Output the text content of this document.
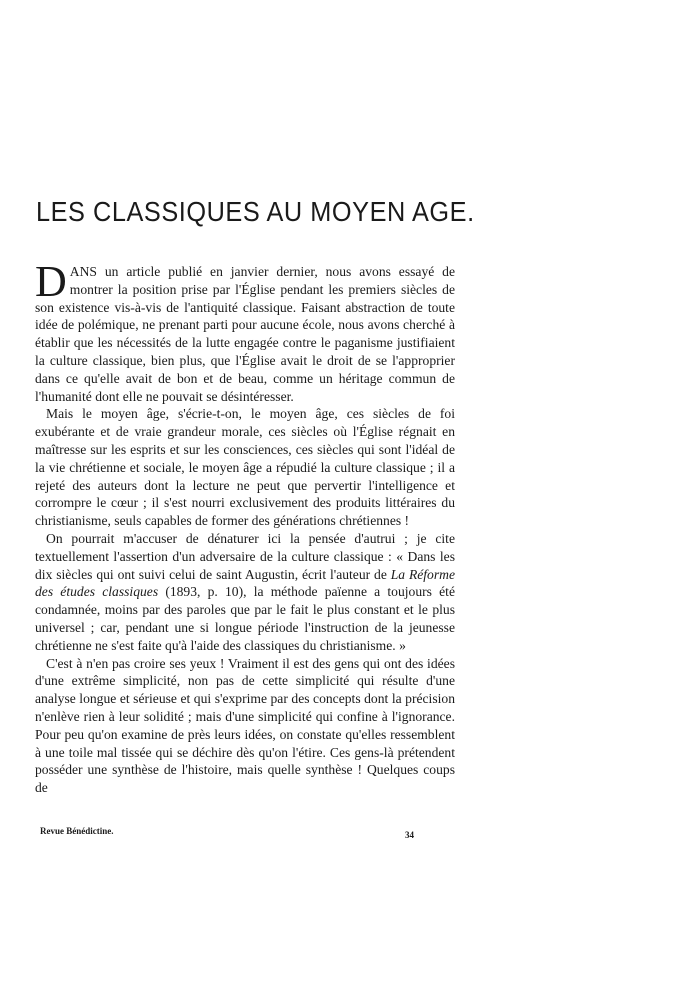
LES CLASSIQUES AU MOYEN AGE.

DANS un article publié en janvier dernier, nous avons essayé de montrer la position prise par l'Église pendant les premiers siècles de son existence vis-à-vis de l'antiquité classique. Faisant abstraction de toute idée de polémique, ne prenant parti pour aucune école, nous avons cherché à établir que les nécessités de la lutte engagée contre le paganisme justifiaient la culture classique, bien plus, que l'Église avait le droit de se l'approprier dans ce qu'elle avait de bon et de beau, comme un héritage commun de l'humanité dont elle ne pouvait se désintéresser.

Mais le moyen âge, s'écrie-t-on, le moyen âge, ces siècles de foi exubérante et de vraie grandeur morale, ces siècles où l'Église régnait en maîtresse sur les esprits et sur les consciences, ces siècles qui sont l'idéal de la vie chrétienne et sociale, le moyen âge a répudié la culture classique ; il a rejeté des auteurs dont la lecture ne peut que pervertir l'intelligence et corrompre le cœur ; il s'est nourri exclusivement des produits littéraires du christianisme, seuls capables de former des générations chrétiennes !

On pourrait m'accuser de dénaturer ici la pensée d'autrui ; je cite textuellement l'assertion d'un adversaire de la culture classique : « Dans les dix siècles qui ont suivi celui de saint Augustin, écrit l'auteur de La Réforme des études classiques (1893, p. 10), la méthode païenne a toujours été condamnée, moins par des paroles que par le fait le plus constant et le plus universel ; car, pendant une si longue période l'instruction de la jeunesse chrétienne ne s'est faite qu'à l'aide des classiques du christianisme. »

C'est à n'en pas croire ses yeux ! Vraiment il est des gens qui ont des idées d'une extrême simplicité, non pas de cette simplicité qui résulte d'une analyse longue et sérieuse et qui s'exprime par des concepts dont la précision n'enlève rien à leur solidité ; mais d'une simplicité qui confine à l'ignorance. Pour peu qu'on examine de près leurs idées, on constate qu'elles ressemblent à une toile mal tissée qui se déchire dès qu'on l'étire. Ces gens-là prétendent posséder une synthèse de l'histoire, mais quelle synthèse ! Quelques coups de

Revue Bénédictine.	34
